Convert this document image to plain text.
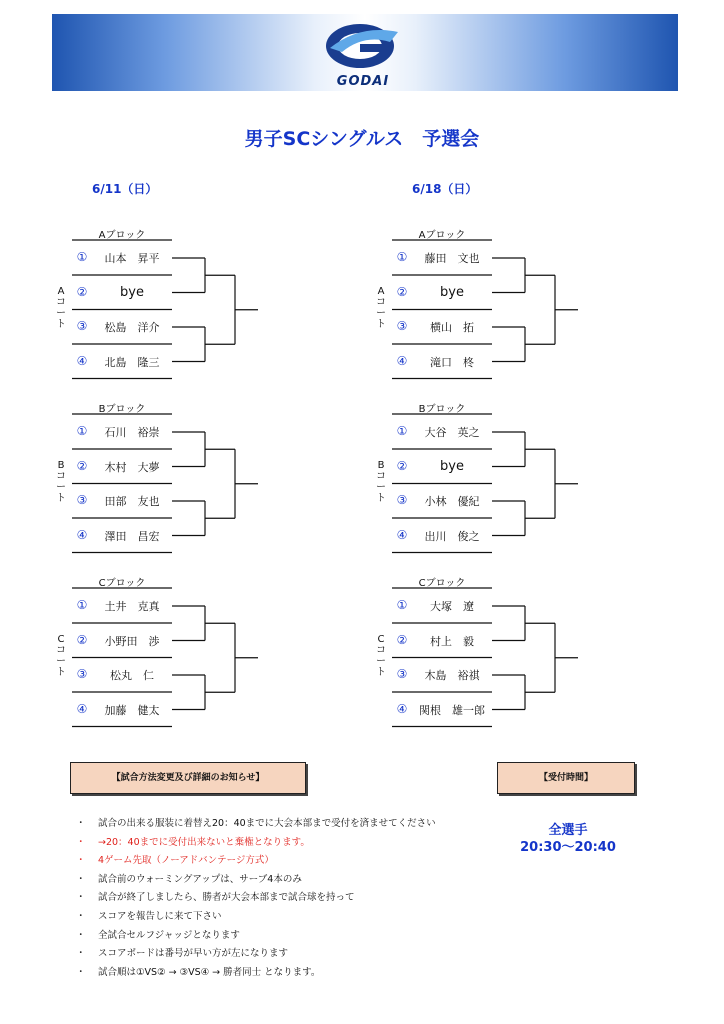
GODAI
男子SCシングルス　予選会
6/11（日）	6/18（日）
Aブロック
A
コ
ー
ト
①	山本　昇平
②	bye
③	松島　洋介
④	北島　隆三
Bブロック
B
コ
ー
ト
①	石川　裕崇
②	木村　大夢
③	田部　友也
④	澤田　昌宏
Cブロック
C
コ
ー
ト
①	土井　克真
②	小野田　渉
③	松丸　仁
④	加藤　健太
Aブロック
A
コ
ー
ト
①	藤田　文也
②	bye
③	横山　拓
④	滝口　柊
Bブロック
B
コ
ー
ト
①	大谷　英之
②	bye
③	小林　優紀
④	出川　俊之
Cブロック
C
コ
ー
ト
①	大塚　遼
②	村上　毅
③	木島　裕祺
④	関根　雄一郎
【試合方法変更及び詳細のお知らせ】	【受付時間】
・ 試合の出来る服装に着替え20：40までに大会本部まで受付を済ませてください
・ →20：40までに受付出来ないと棄権となります。
・ 4ゲーム先取（ノーアドバンテージ方式）
・ 試合前のウォーミングアップは、サーブ4本のみ
・ 試合が終了しましたら、勝者が大会本部まで試合球を持って
・ スコアを報告しに来て下さい
・ 全試合セルフジャッジとなります
・ スコアボードは番号が早い方が左になります
・ 試合順は①VS② → ③VS④ → 勝者同士 となります。
全選手
20:30〜20:40
